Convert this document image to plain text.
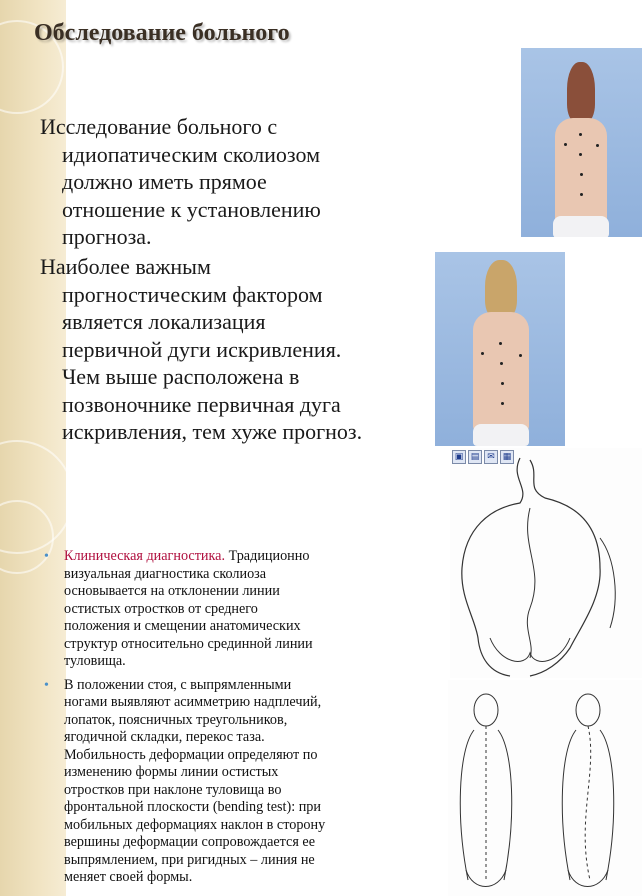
Обследование больного
Исследование больного с
идиопатическим сколиозом
должно иметь прямое
отношение к установлению
прогноза.
Наиболее важным
прогностическим фактором
является локализация
первичной дуги искривления.
Чем выше расположена в
позвоночнике первичная дуга
искривления, тем хуже прогноз.
▣ ▤ ✉ ▦
• Клиническая диагностика. Традиционно
визуальная диагностика сколиоза
основывается на отклонении линии
остистых отростков от среднего
положения и смещении анатомических
структур относительно срединной линии
туловища.
• В положении стоя, с выпрямленными
ногами выявляют асимметрию надплечий,
лопаток, поясничных треугольников,
ягодичной складки, перекос таза.
Мобильность деформации определяют по
изменению формы линии остистых
отростков при наклоне туловища во
фронтальной плоскости (bending test): при
мобильных деформациях наклон в сторону
вершины деформации сопровождается ее
выпрямлением, при ригидных – линия не
меняет своей формы.
